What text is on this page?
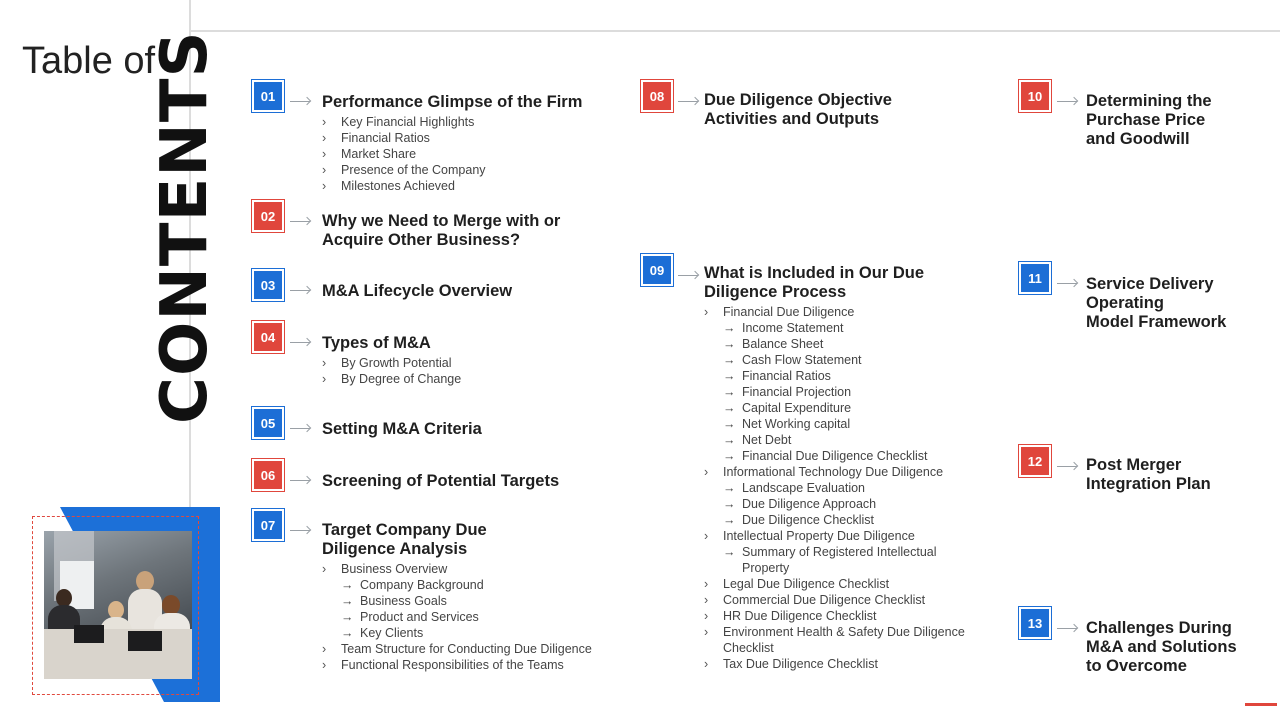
Table of
CONTENTS	01	Performance Glimpse of the Firm
› Key Financial Highlights
› Financial Ratios
› Market Share
› Presence of the Company
› Milestones Achieved
02	Why we Need to Merge with or
Acquire Other Business?
03	M&A Lifecycle Overview
04	Types of M&A
› By Growth Potential
› By Degree of Change
05	Setting M&A Criteria
06	Screening of Potential Targets
07	Target Company Due
Diligence Analysis
› Business Overview
→ Company Background
→ Business Goals
→ Product and Services
→ Key Clients
› Team Structure for Conducting Due Diligence
› Functional Responsibilities of the Teams
08	Due Diligence Objective
Activities and Outputs
09	What is Included in Our Due
Diligence Process
› Financial Due Diligence
→ Income Statement
→ Balance Sheet
→ Cash Flow Statement
→ Financial Ratios
→ Financial Projection
→ Capital Expenditure
→ Net Working capital
→ Net Debt
→ Financial Due Diligence Checklist
› Informational Technology Due Diligence
→ Landscape Evaluation
→ Due Diligence Approach
→ Due Diligence Checklist
› Intellectual Property Due Diligence
→ Summary of Registered Intellectual
Property
› Legal Due Diligence Checklist
› Commercial Due Diligence Checklist
› HR Due Diligence Checklist
› Environment Health & Safety Due Diligence
Checklist
› Tax Due Diligence Checklist
10	Determining the
Purchase Price
and Goodwill
11	Service Delivery
Operating
Model Framework
12	Post Merger
Integration Plan
13	Challenges During
M&A and Solutions
to Overcome
